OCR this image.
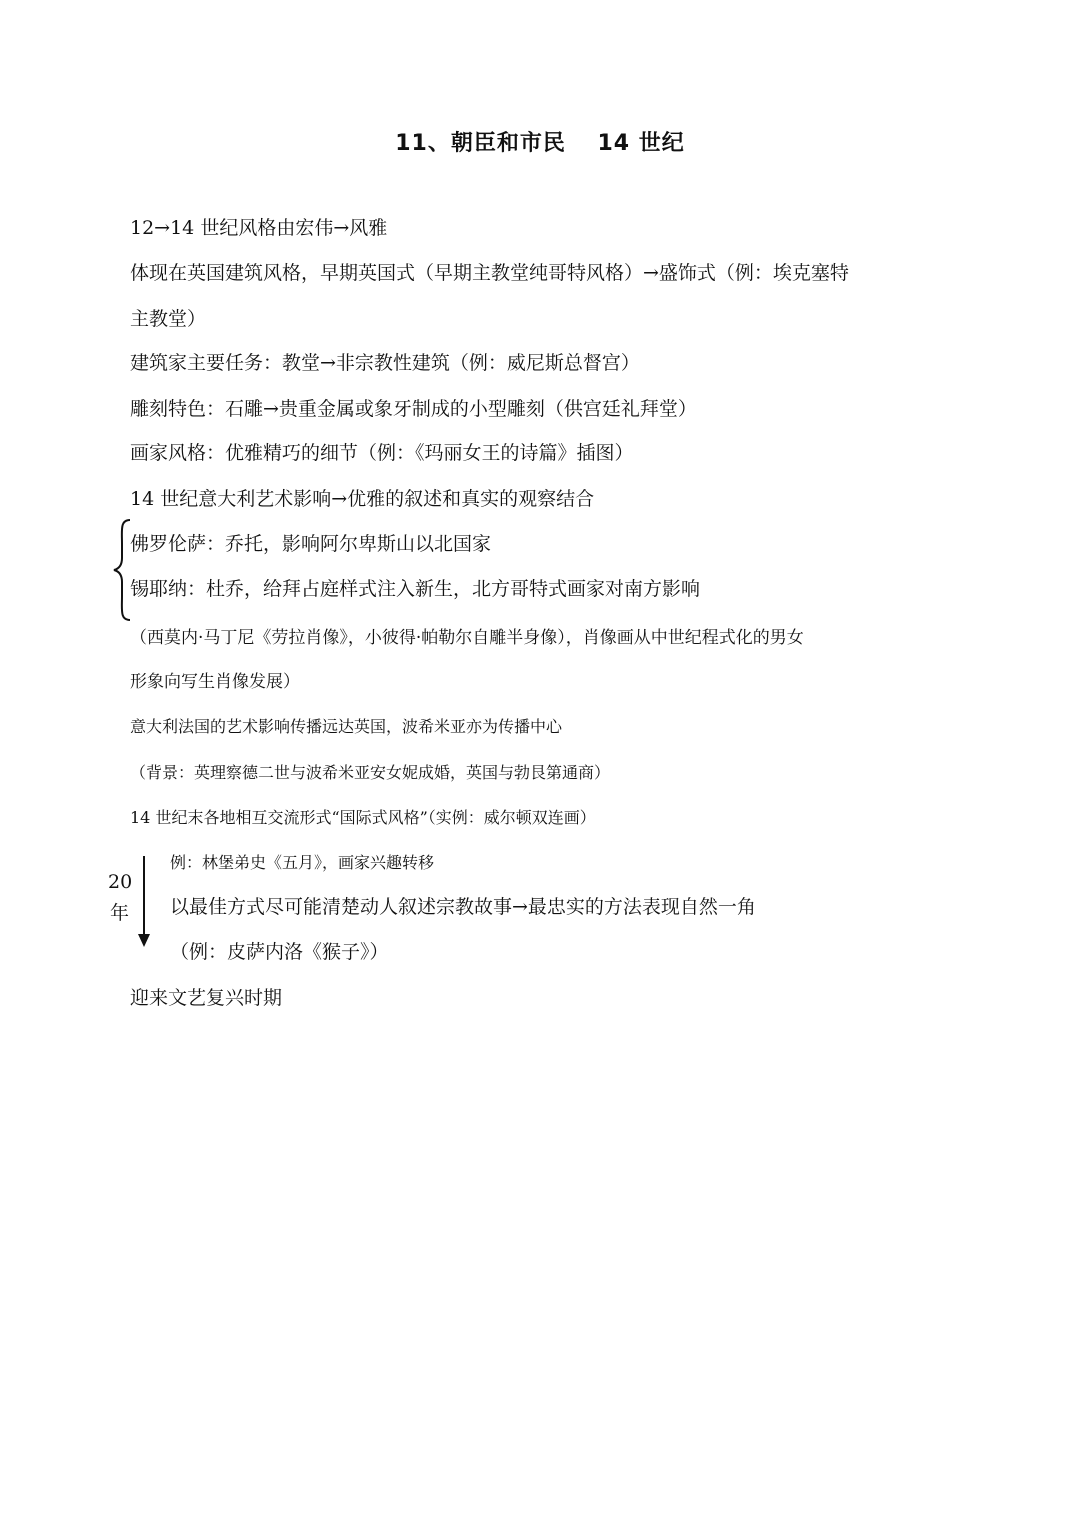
11、朝臣和市民　 14 世纪
12→14 世纪风格由宏伟→风雅
体现在英国建筑风格，早期英国式（早期主教堂纯哥特风格）→盛饰式（例：埃克塞特
主教堂）
建筑家主要任务：教堂→非宗教性建筑（例：威尼斯总督宫）
雕刻特色：石雕→贵重金属或象牙制成的小型雕刻（供宫廷礼拜堂）
画家风格：优雅精巧的细节（例：《玛丽女王的诗篇》插图）
14 世纪意大利艺术影响→优雅的叙述和真实的观察结合
佛罗伦萨：乔托，影响阿尔卑斯山以北国家
锡耶纳：杜乔，给拜占庭样式注入新生，北方哥特式画家对南方影响
（西莫内·马丁尼《劳拉肖像》，小彼得·帕勒尔自雕半身像），肖像画从中世纪程式化的男女
形象向写生肖像发展）
意大利法国的艺术影响传播远达英国，波希米亚亦为传播中心
（背景：英理察德二世与波希米亚安女妮成婚，英国与勃艮第通商）
14 世纪末各地相互交流形式“国际式风格”（实例：威尔顿双连画）
20
年
例：林堡弟史《五月》，画家兴趣转移
以最佳方式尽可能清楚动人叙述宗教故事→最忠实的方法表现自然一角
（例：皮萨内洛《猴子》）
迎来文艺复兴时期
